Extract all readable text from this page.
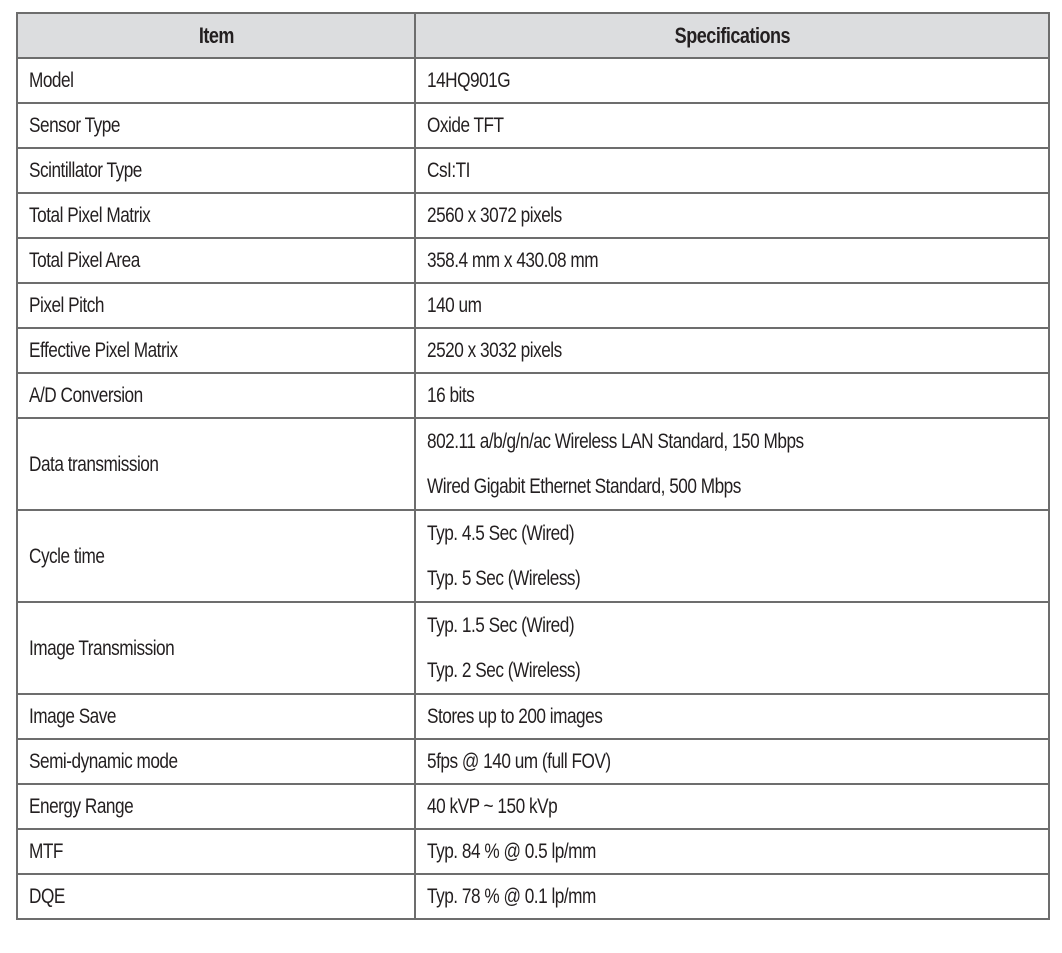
Item	Specifications
Model	14HQ901G
Sensor Type	Oxide TFT
Scintillator Type	CsI:TI
Total Pixel Matrix	2560 x 3072 pixels
Total Pixel Area	358.4 mm x 430.08 mm
Pixel Pitch	140 um
Effective Pixel Matrix	2520 x 3032 pixels
A/D Conversion	16 bits

Data transmission	802.11 a/b/g/n/ac Wireless LAN Standard, 150 Mbps
Wired Gigabit Ethernet Standard, 500 Mbps

Cycle time	Typ. 4.5 Sec (Wired)
Typ. 5 Sec (Wireless)

Image Transmission	Typ. 1.5 Sec (Wired)
Typ. 2 Sec (Wireless)

Image Save	Stores up to 200 images
Semi-dynamic mode	5fps @ 140 um (full FOV)
Energy Range	40 kVP ~ 150 kVp
MTF	Typ. 84 % @ 0.5 lp/mm
DQE	Typ. 78 % @ 0.1 lp/mm
